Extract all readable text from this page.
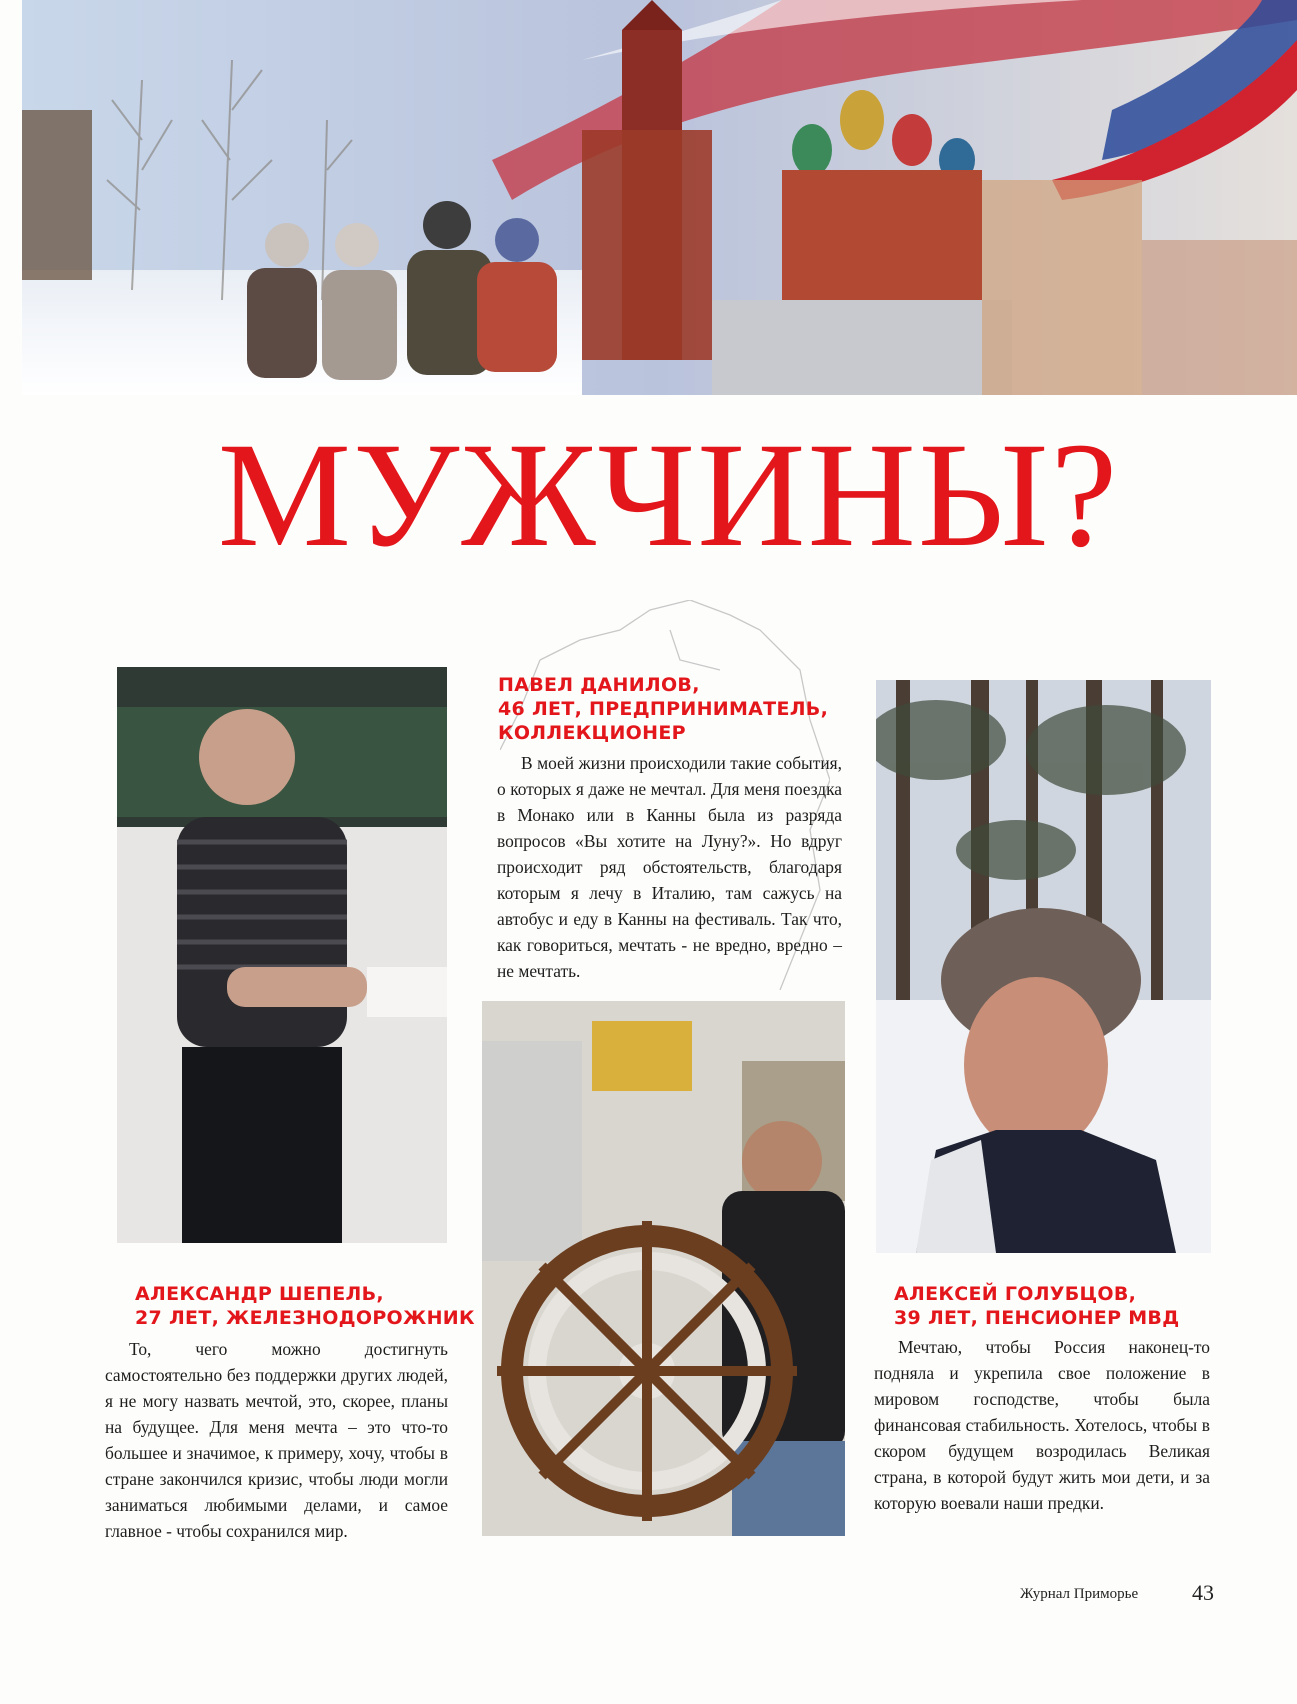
МУЖЧИНЫ?
ПАВЕЛ ДАНИЛОВ,
46 ЛЕТ, ПРЕДПРИНИМАТЕЛЬ,
КОЛЛЕКЦИОНЕР
В моей жизни происходили такие события, о которых я даже не мечтал. Для меня поездка в Монако или в Канны была из разряда вопросов «Вы хотите на Луну?». Но вдруг происходит ряд обстоятельств, благодаря которым я лечу в Италию, там сажусь на автобус и еду в Канны на фестиваль. Так что, как говориться, мечтать - не вредно, вредно – не мечтать.
АЛЕКСАНДР ШЕПЕЛЬ,
27 ЛЕТ, ЖЕЛЕЗНОДОРОЖНИК
То, чего можно достигнуть самостоятельно без поддержки других людей, я не могу назвать мечтой, это, скорее, планы на будущее. Для меня мечта – это что-то большее и значимое, к примеру, хочу, чтобы в стране закончился кризис, чтобы люди могли заниматься любимыми делами, и самое главное - чтобы сохранился мир.
АЛЕКСЕЙ ГОЛУБЦОВ,
39 ЛЕТ, ПЕНСИОНЕР МВД
Мечтаю, чтобы Россия наконец-то подняла и укрепила свое положение в мировом господстве, чтобы была финансовая стабильность. Хотелось, чтобы в скором будущем возродилась Великая страна, в которой будут жить мои дети, и за которую воевали наши предки.
Журнал Приморье 43
